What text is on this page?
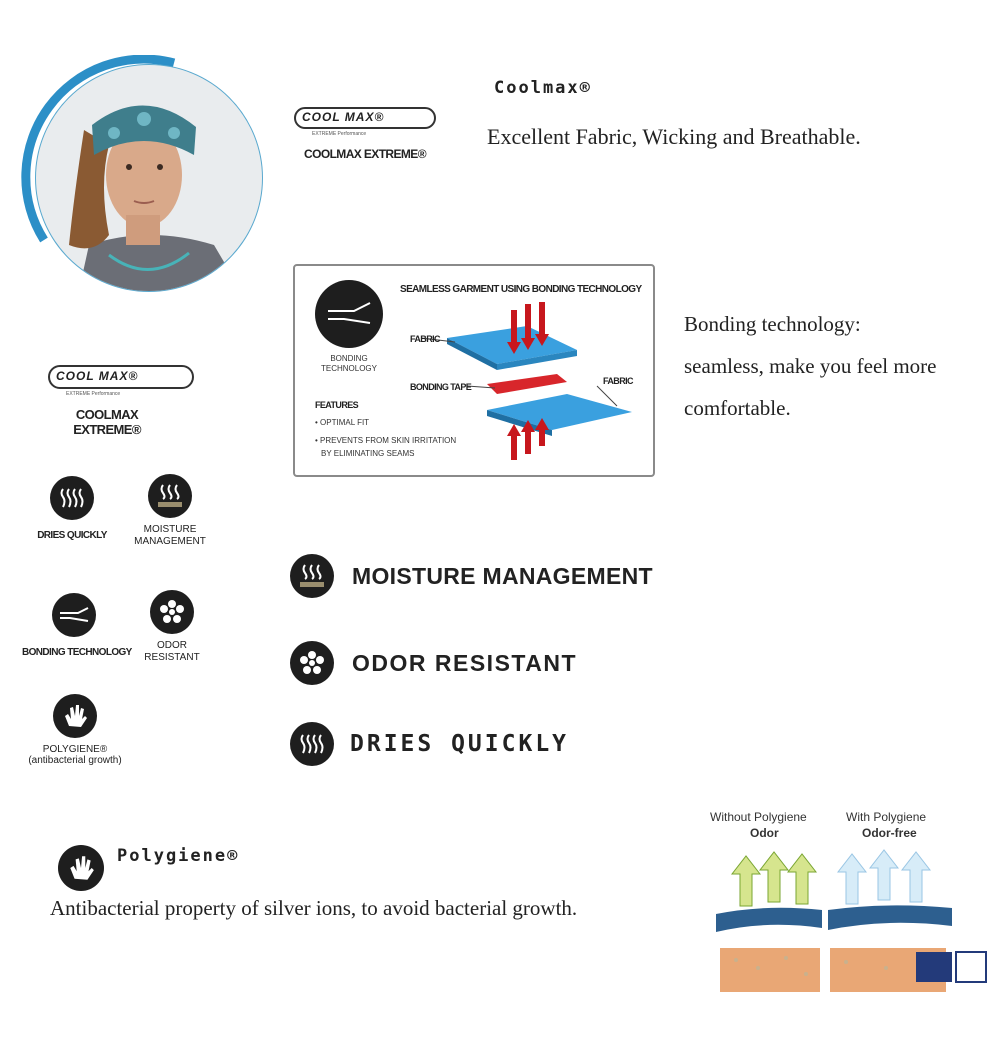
COOL MAX®
EXTREME Performance
COOLMAX EXTREME®
Coolmax®
Excellent Fabric, Wicking and Breathable.
SEAMLESS GARMENT USING BONDING TECHNOLOGY
BONDING TECHNOLOGY
FEATURES
• OPTIMAL FIT
• PREVENTS FROM SKIN IRRITATION
BY ELIMINATING SEAMS
FABRIC
BONDING TAPE
FABRIC
Bonding technology:
seamless, make you feel more
comfortable.
COOL MAX®
EXTREME Performance
COOLMAX EXTREME®
DRIES QUICKLY
MOISTURE
MANAGEMENT
BONDING TECHNOLOGY
ODOR
RESISTANT
POLYGIENE®
(antibacterial growth)
MOISTURE MANAGEMENT
ODOR RESISTANT
DRIES QUICKLY
Polygiene®
Antibacterial property of silver ions, to avoid bacterial growth.
Without Polygiene
Odor
With Polygiene
Odor-free
